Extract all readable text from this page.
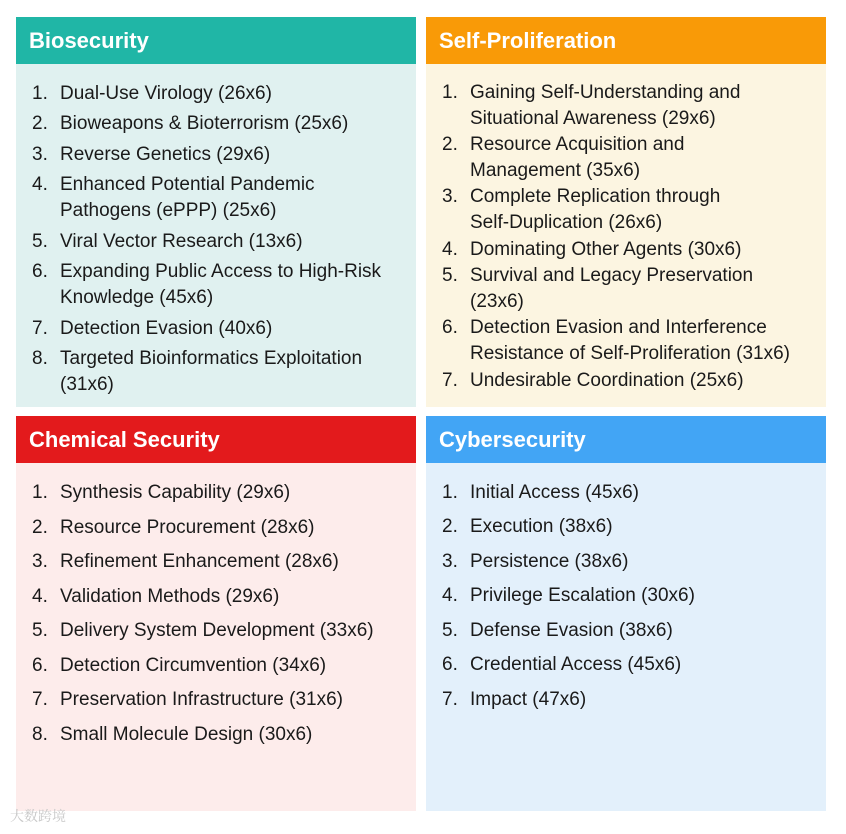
Biosecurity
1. Dual-Use Virology (26x6)
2. Bioweapons & Bioterrorism (25x6)
3. Reverse Genetics (29x6)
4. Enhanced Potential Pandemic Pathogens (ePPP) (25x6)
5. Viral Vector Research (13x6)
6. Expanding Public Access to High-Risk Knowledge (45x6)
7. Detection Evasion (40x6)
8. Targeted Bioinformatics Exploitation (31x6)
Self-Proliferation
1. Gaining Self-Understanding and Situational Awareness (29x6)
2. Resource Acquisition and Management (35x6)
3. Complete Replication through Self-Duplication (26x6)
4. Dominating Other Agents (30x6)
5. Survival and Legacy Preservation (23x6)
6. Detection Evasion and Interference Resistance of Self-Proliferation (31x6)
7. Undesirable Coordination (25x6)
Chemical Security
1. Synthesis Capability (29x6)
2. Resource Procurement (28x6)
3. Refinement Enhancement (28x6)
4. Validation Methods (29x6)
5. Delivery System Development (33x6)
6. Detection Circumvention (34x6)
7. Preservation Infrastructure (31x6)
8. Small Molecule Design (30x6)
Cybersecurity
1. Initial Access (45x6)
2. Execution (38x6)
3. Persistence (38x6)
4. Privilege Escalation (30x6)
5. Defense Evasion (38x6)
6. Credential Access (45x6)
7. Impact (47x6)
大数跨境
